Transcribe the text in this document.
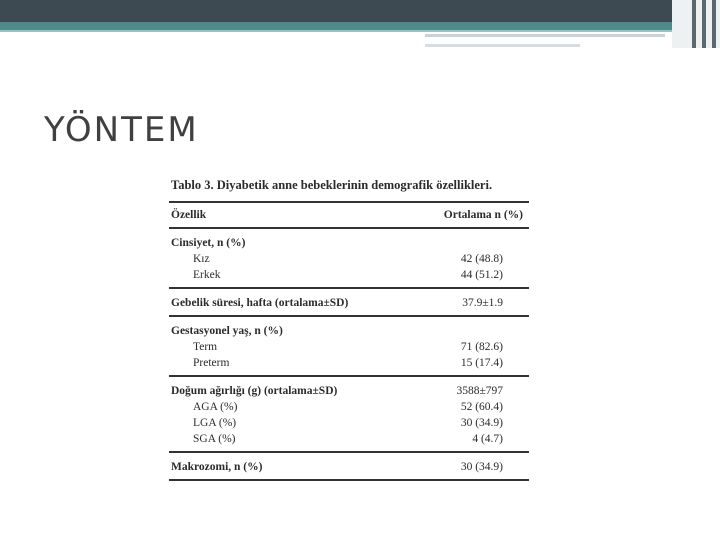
YÖNTEM
Tablo 3. Diyabetik anne bebeklerinin demografik özellikleri.
Özellik	Ortalama n (%)
Cinsiyet, n (%)	
Kız	42 (48.8)
Erkek	44 (51.2)
Gebelik süresi, hafta (ortalama±SD)	37.9±1.9
Gestasyonel yaş, n (%)	
Term	71 (82.6)
Preterm	15 (17.4)
Doğum ağırlığı (g) (ortalama±SD)	3588±797
AGA (%)	52 (60.4)
LGA (%)	30 (34.9)
SGA (%)	4 (4.7)
Makrozomi, n (%)	30 (34.9)
